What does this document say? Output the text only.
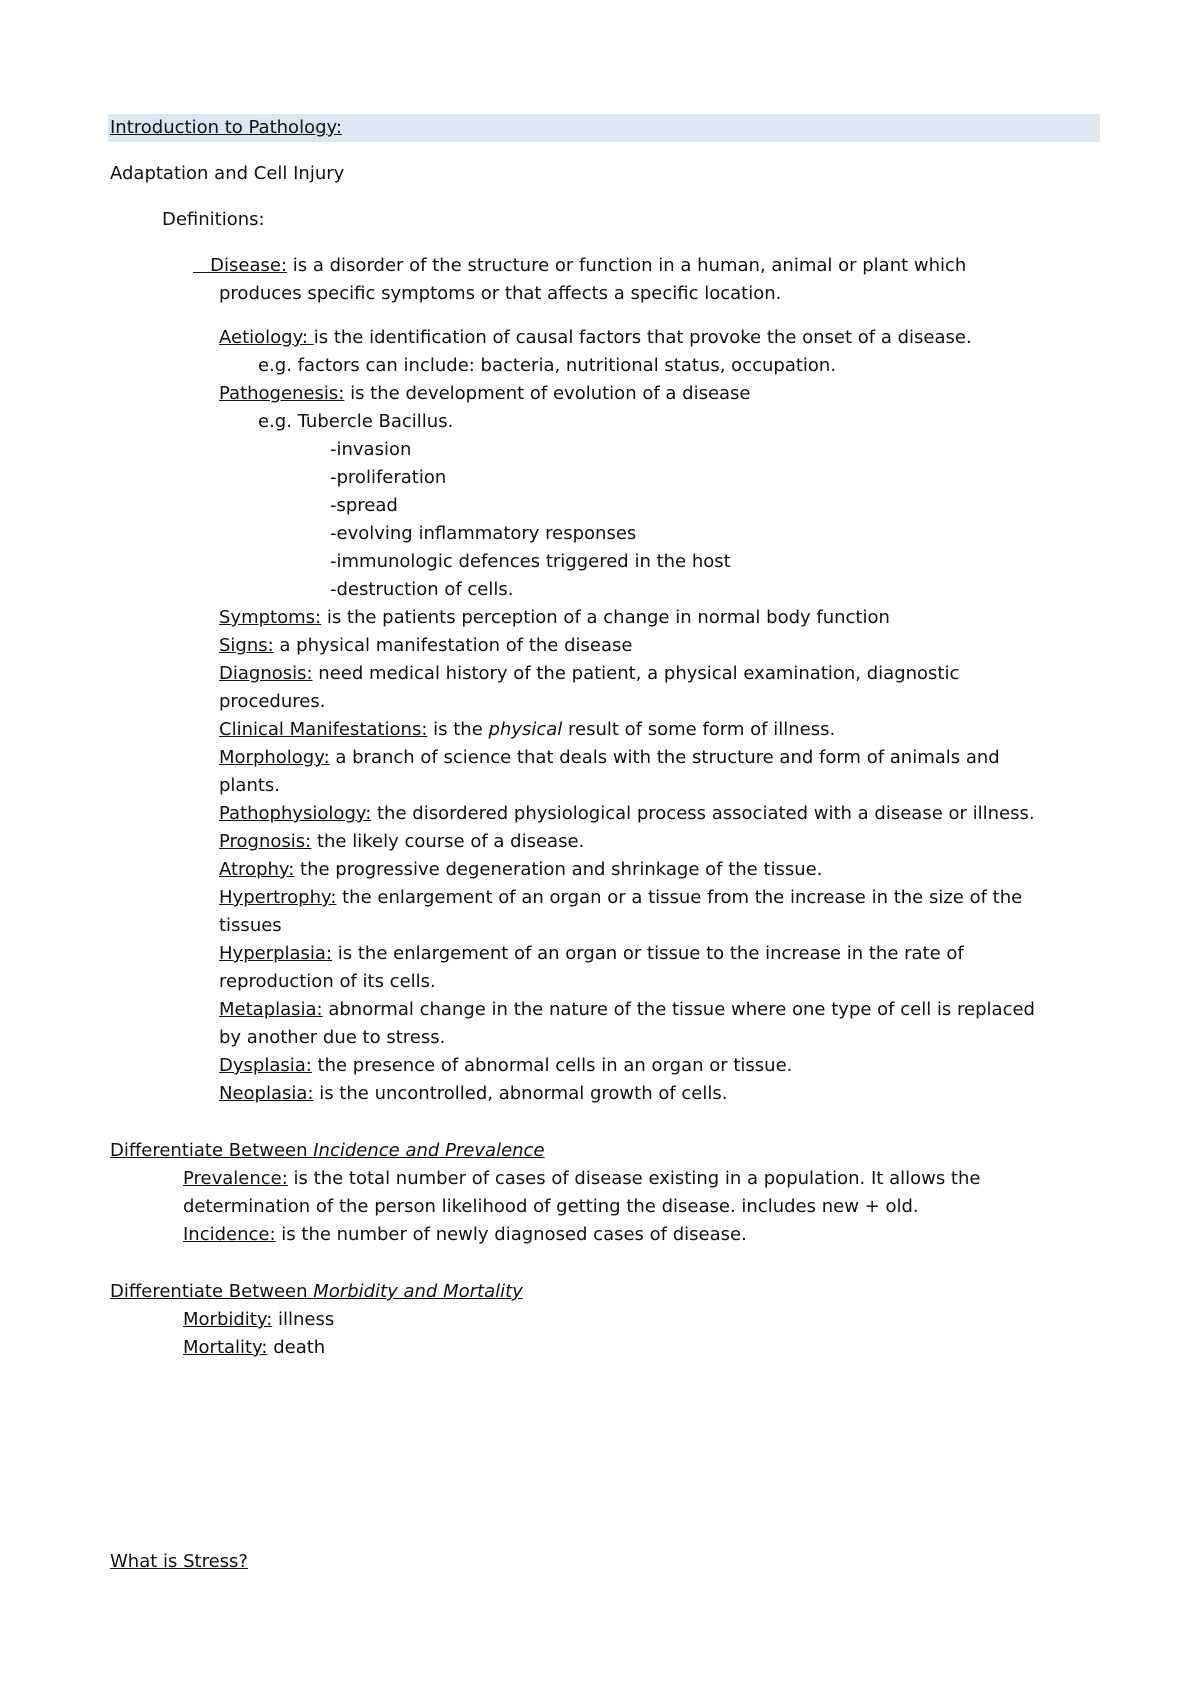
Introduction to Pathology:
Adaptation and Cell Injury
Definitions:
Disease: is a disorder of the structure or function in a human, animal or plant which
produces specific symptoms or that affects a specific location.
Aetiology: is the identification of causal factors that provoke the onset of a disease.
e.g. factors can include: bacteria, nutritional status, occupation.
Pathogenesis: is the development of evolution of a disease
e.g. Tubercle Bacillus.
-invasion
-proliferation
-spread
-evolving inflammatory responses
-immunologic defences triggered in the host
-destruction of cells.
Symptoms: is the patients perception of a change in normal body function
Signs: a physical manifestation of the disease
Diagnosis: need medical history of the patient, a physical examination, diagnostic
procedures.
Clinical Manifestations: is the physical result of some form of illness.
Morphology: a branch of science that deals with the structure and form of animals and
plants.
Pathophysiology: the disordered physiological process associated with a disease or illness.
Prognosis: the likely course of a disease.
Atrophy: the progressive degeneration and shrinkage of the tissue.
Hypertrophy: the enlargement of an organ or a tissue from the increase in the size of the
tissues
Hyperplasia: is the enlargement of an organ or tissue to the increase in the rate of
reproduction of its cells.
Metaplasia: abnormal change in the nature of the tissue where one type of cell is replaced
by another due to stress.
Dysplasia: the presence of abnormal cells in an organ or tissue.
Neoplasia: is the uncontrolled, abnormal growth of cells.
Differentiate Between Incidence and Prevalence
Prevalence: is the total number of cases of disease existing in a population. It allows the
determination of the person likelihood of getting the disease. includes new + old.
Incidence: is the number of newly diagnosed cases of disease.
Differentiate Between Morbidity and Mortality
Morbidity: illness
Mortality: death
What is Stress?
